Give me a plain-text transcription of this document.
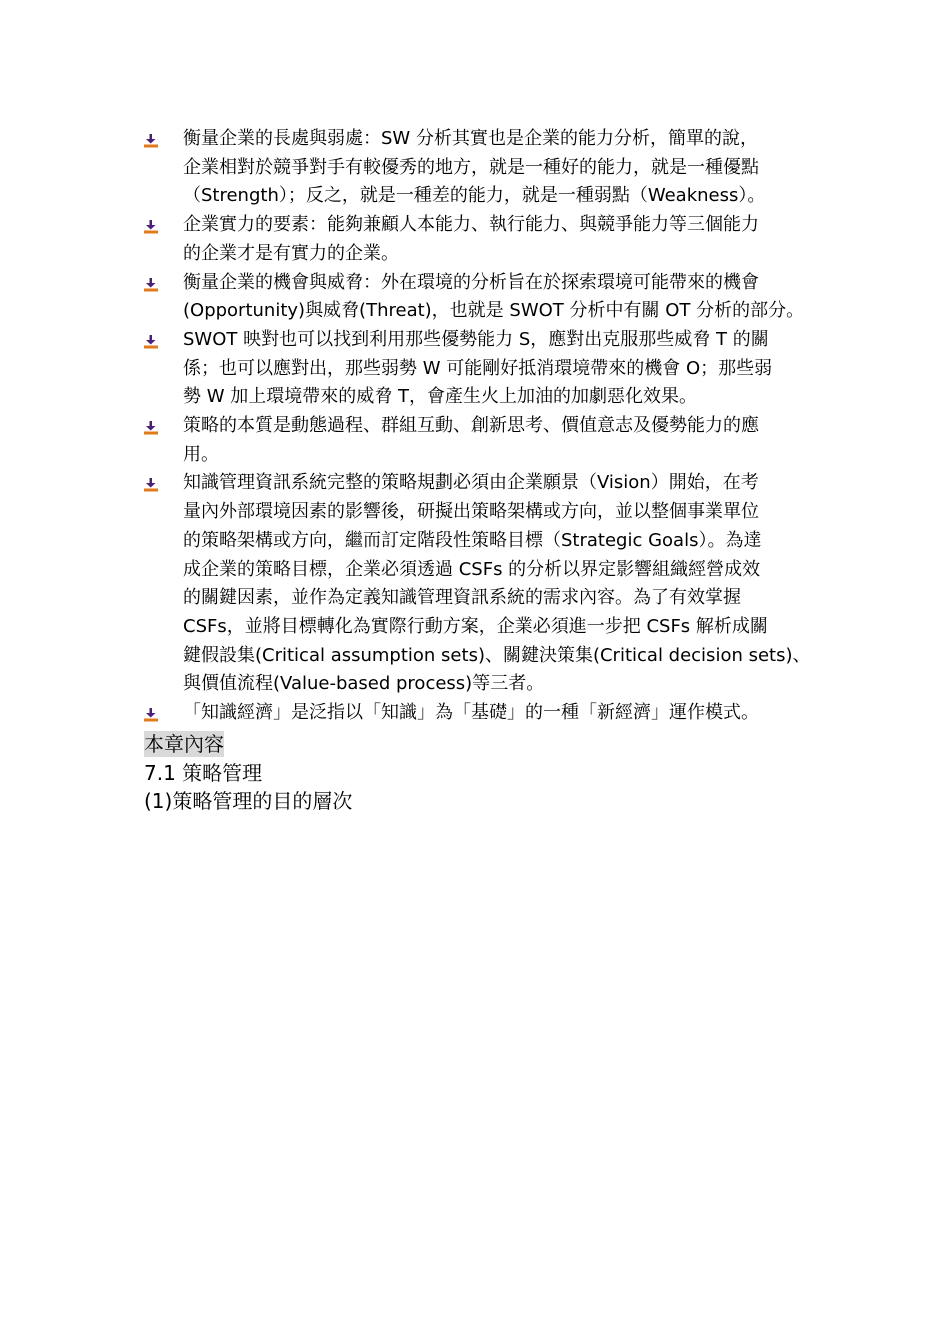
衡量企業的長處與弱處：SW 分析其實也是企業的能力分析，簡單的說，
企業相對於競爭對手有較優秀的地方，就是一種好的能力，就是一種優點
（Strength）；反之，就是一種差的能力，就是一種弱點（Weakness）。
企業實力的要素：能夠兼顧人本能力、執行能力、與競爭能力等三個能力
的企業才是有實力的企業。
衡量企業的機會與威脅：外在環境的分析旨在於探索環境可能帶來的機會
(Opportunity)與威脅(Threat)，也就是 SWOT 分析中有關 OT 分析的部分。
SWOT 映對也可以找到利用那些優勢能力 S，應對出克服那些威脅 T 的關
係；也可以應對出，那些弱勢 W 可能剛好抵消環境帶來的機會 O；那些弱
勢 W 加上環境帶來的威脅 T，會產生火上加油的加劇惡化效果。
策略的本質是動態過程、群組互動、創新思考、價值意志及優勢能力的應
用。
知識管理資訊系統完整的策略規劃必須由企業願景（Vision）開始，在考
量內外部環境因素的影響後，研擬出策略架構或方向，並以整個事業單位
的策略架構或方向，繼而訂定階段性策略目標（Strategic Goals）。為達
成企業的策略目標，企業必須透過 CSFs 的分析以界定影響組織經營成效
的關鍵因素，並作為定義知識管理資訊系統的需求內容。為了有效掌握
CSFs，並將目標轉化為實際行動方案，企業必須進一步把 CSFs 解析成關
鍵假設集(Critical assumption sets)、關鍵決策集(Critical decision sets)、
與價值流程(Value-based process)等三者。
「知識經濟」是泛指以「知識」為「基礎」的一種「新經濟」運作模式。
本章內容
7.1 策略管理
(1)策略管理的目的層次
